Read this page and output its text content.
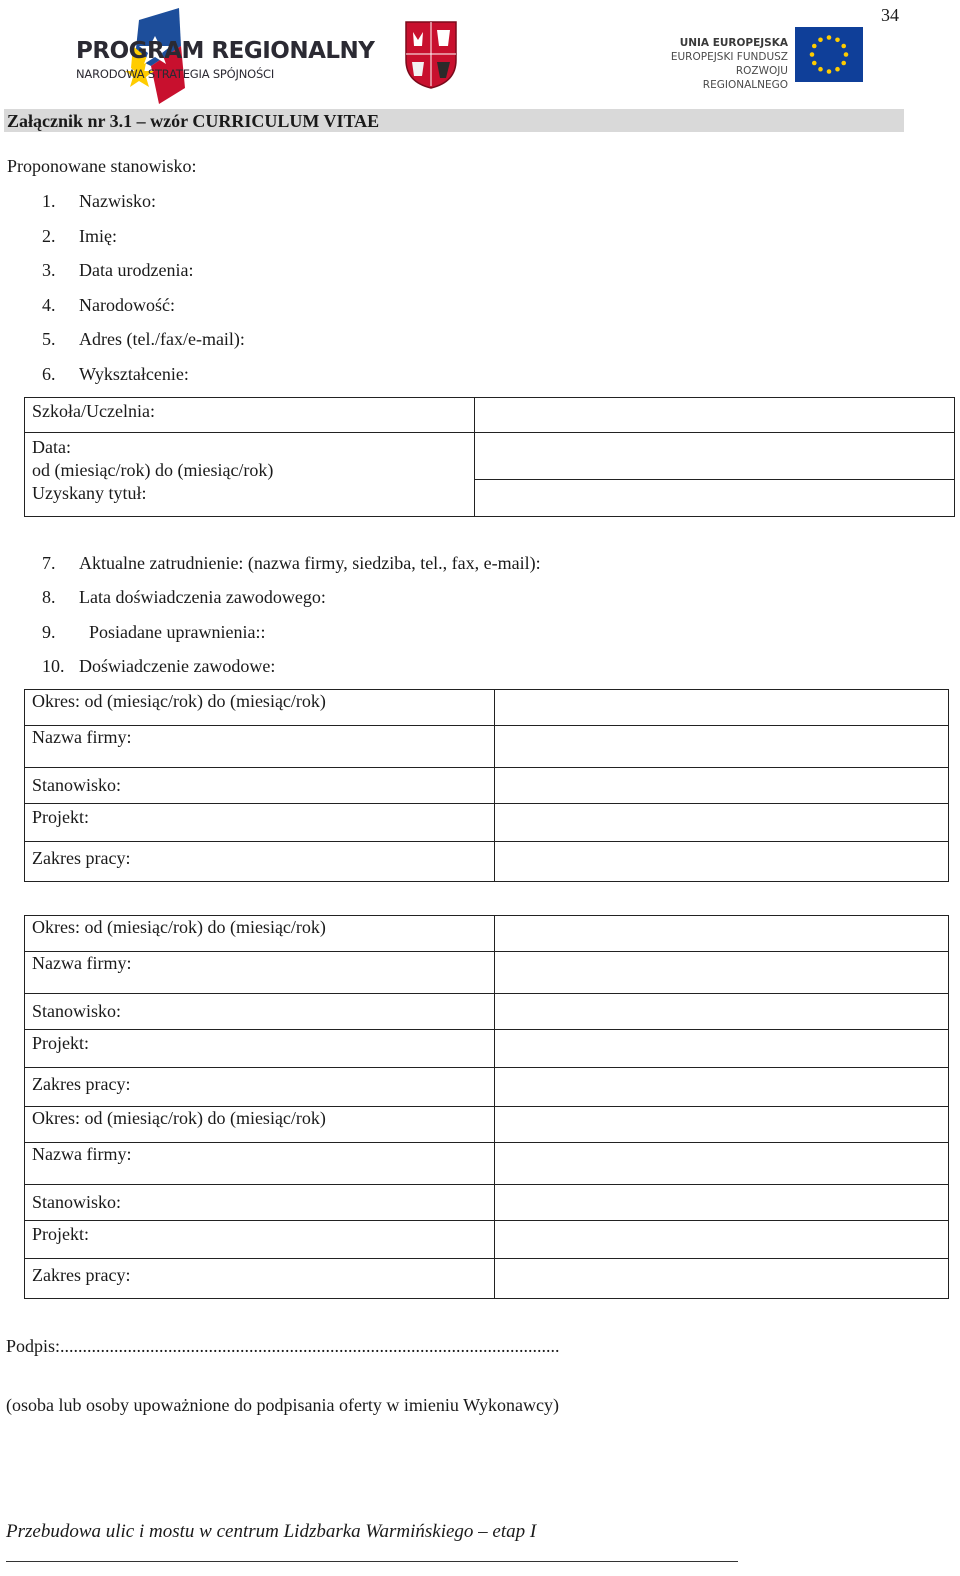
PROGRAM REGIONALNY
NARODOWA STRATEGIA SPÓJNOŚCI
UNIA EUROPEJSKA
EUROPEJSKI FUNDUSZ
ROZWOJU REGIONALNEGO
34
Załącznik nr 3.1 – wzór CURRICULUM VITAE
Proponowane stanowisko:
1. Nazwisko:
2. Imię:
3. Data urodzenia:
4. Narodowość:
5. Adres (tel./fax/e-mail):
6. Wykształcenie:
Szkoła/Uczelnia:	

Data:
od (miesiąc/rok) do (miesiąc/rok)
Uzyskany tytuł:	

7. Aktualne zatrudnienie: (nazwa firmy, siedziba, tel., fax, e-mail):
8. Lata doświadczenia zawodowego:
9. Posiadane uprawnienia::
10. Doświadczenie zawodowe:
Okres: od (miesiąc/rok) do (miesiąc/rok)	
Nazwa firmy:	
Stanowisko:	
Projekt:	
Zakres pracy:	
Okres: od (miesiąc/rok) do (miesiąc/rok)	
Nazwa firmy:	
Stanowisko:	
Projekt:	
Zakres pracy:	
Okres: od (miesiąc/rok) do (miesiąc/rok)	
Nazwa firmy:	
Stanowisko:	
Projekt:	
Zakres pracy:	
Podpis:...............................................................................................................
(osoba lub osoby upoważnione do podpisania oferty w imieniu Wykonawcy)
Przebudowa ulic i mostu w centrum Lidzbarka Warmińskiego – etap I
